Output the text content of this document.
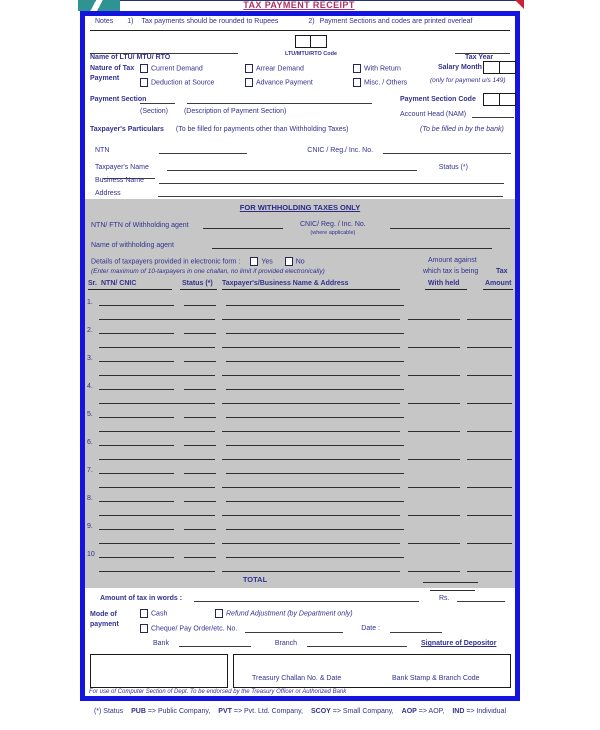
TAX PAYMENT RECEIPT
Notes 1) Tax payments should be rounded to Rupees	2) Payment Sections and codes are printed overleaf

Name of LTU/ MTU/ RTO	LTU/MTU/RTO Code	Tax Year
Nature of Tax
Payment
Current Demand	Arrear Demand	With Return
Deduction at Source	Advance Payment	Misc. / Others
Salary Month
(only for payment u/s 149)
Payment Section

(Section) (Description of Payment Section)
Payment Section Code
Account Head (NAM)
Taxpayer's Particulars (To be filled for payments other than Withholding Taxes)	(To be filled in by the bank)
NTN	CNIC / Reg./ Inc. No.
Taxpayer's Name	Status (*)
Business Name
Address
FOR WITHHOLDING TAXES ONLY
NTN/ FTN of Withholding agent	CNIC/ Reg. / Inc. No.
(where applicable)
Name of withholding agent
Details of taxpayers provided in electronic form :	Yes	No	Amount against
(Enter maximum of 10-taxpayers in one challan, no limit if provided electronically)	which tax is being	Tax
Sr. NTN/ CNIC	Status (*) Taxpayer's/Business Name & Address	With held	Amount
1.
2.
3.
4.
5.
6.
7.
8.
9.
10
TOTAL

Amount of tax in words :	Rs.
Mode of
payment
Cash	Refund Adjustment (by Department only)
Cheque/ Pay Order/etc. No.	Date :
Bank	Branch	Signature of Depositor
Treasury Challan No. & Date	Bank Stamp & Branch Code
For use of Computer Section of Dept. To be endorsed by the Treasury Officer or Authorized Bank
(*) Status PUB => Public Company, PVT => Pvt. Ltd. Company, SCOY => Small Company, AOP => AOP, IND => Individual
